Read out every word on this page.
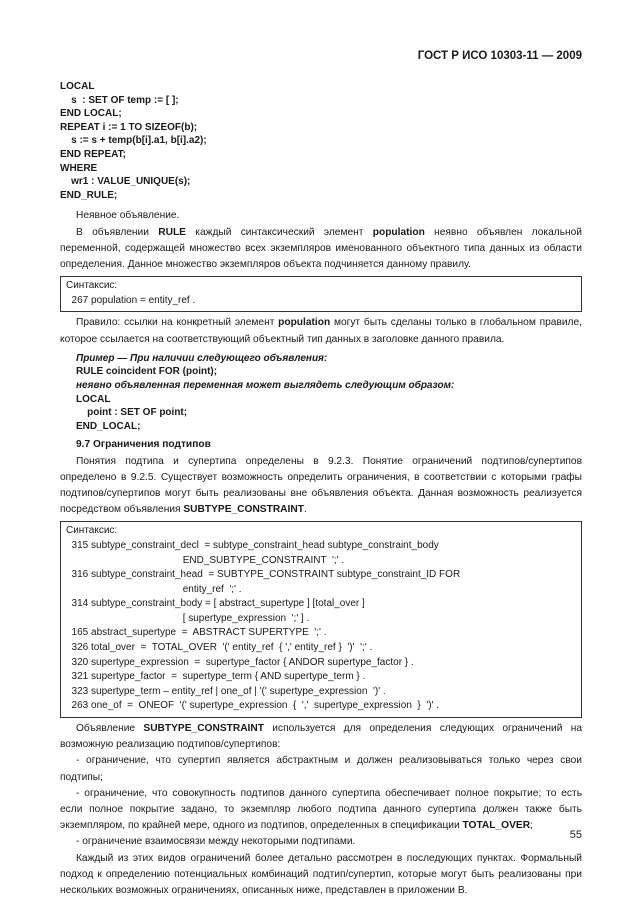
ГОСТ Р ИСО 10303-11 — 2009
LOCAL
s  : SET OF temp := [ ];
END LOCAL;
REPEAT i := 1 TO SIZEOF(b);
s := s + temp(b[i].a1, b[i].a2);
END REPEAT;
WHERE
wr1 : VALUE_UNIQUE(s);
END_RULE;

Неявное объявление.

В объявлении RULE каждый синтаксический элемент population неявно объявлен локальной переменной, содержащей множество всех экземпляров именованного объектного типа данных из области определения. Данное множество экземпляров объекта подчиняется данному правилу.

Синтаксис:
267 population = entity_ref .

Правило: ссылки на конкретный элемент population могут быть сделаны только в глобальном правиле, которое ссылается на соответствующий объектный тип данных в заголовке данного правила.

Пример — При наличии следующего объявления:
RULE coincident FOR (point);
неявно объявленная переменная может выглядеть следующим образом:
LOCAL
point : SET OF point;
END_LOCAL;

9.7 Ограничения подтипов

Понятия подтипа и супертипа определены в 9.2.3. Понятие ограничений подтипов/супертипов определено в 9.2.5. Существует возможность определить ограничения, в соответствии с которыми графы подтипов/супертипов могут быть реализованы вне объявления объекта. Данная возможность реализуется посредством объявления SUBTYPE_CONSTRAINT.

Синтаксис:
315 subtype_constraint_decl  = subtype_constraint_head subtype_constraint_body
END_SUBTYPE_CONSTRAINT  ';' .
316 subtype_constraint_head  = SUBTYPE_CONSTRAINT subtype_constraint_ID FOR
entity_ref  ';' .
314 subtype_constraint_body = [ abstract_supertype ] [total_over ]
[ supertype_expression  ';' ] .
165 abstract_supertype  =  ABSTRACT SUPERTYPE  ';' .
326 total_over  =  TOTAL_OVER  '(' entity_ref  { ',' entity_ref }  ')'  ';' .
320 supertype_expression  =  supertype_factor { ANDOR supertype_factor } .
321 supertype_factor  =  supertype_term { AND supertype_term } .
323 supertype_term – entity_ref | one_of | '(' supertype_expression  ')' .
263 one_of  =  ONEOF  '(' supertype_expression  {  ','  supertype_expression  }  ')' .

Объявление SUBTYPE_CONSTRAINT используется для определения следующих ограничений на возможную реализацию подтипов/супертипов:

- ограничение, что супертип является абстрактным и должен реализовываться только через свои подтипы;

- ограничение, что совокупность подтипов данного супертипа обеспечивает полное покрытие; то есть если полное покрытие задано, то экземпляр любого подтипа данного супертипа должен также быть экземпляром, по крайней мере, одного из подтипов, определенных в спецификации TOTAL_OVER;

- ограничение взаимосвязи между некоторыми подтипами.

Каждый из этих видов ограничений более детально рассмотрен в последующих пунктах. Формальный подход к определению потенциальных комбинаций подтип/супертип, которые могут быть реализованы при нескольких возможных ограничениях, описанных ниже, представлен в приложении В.

55
